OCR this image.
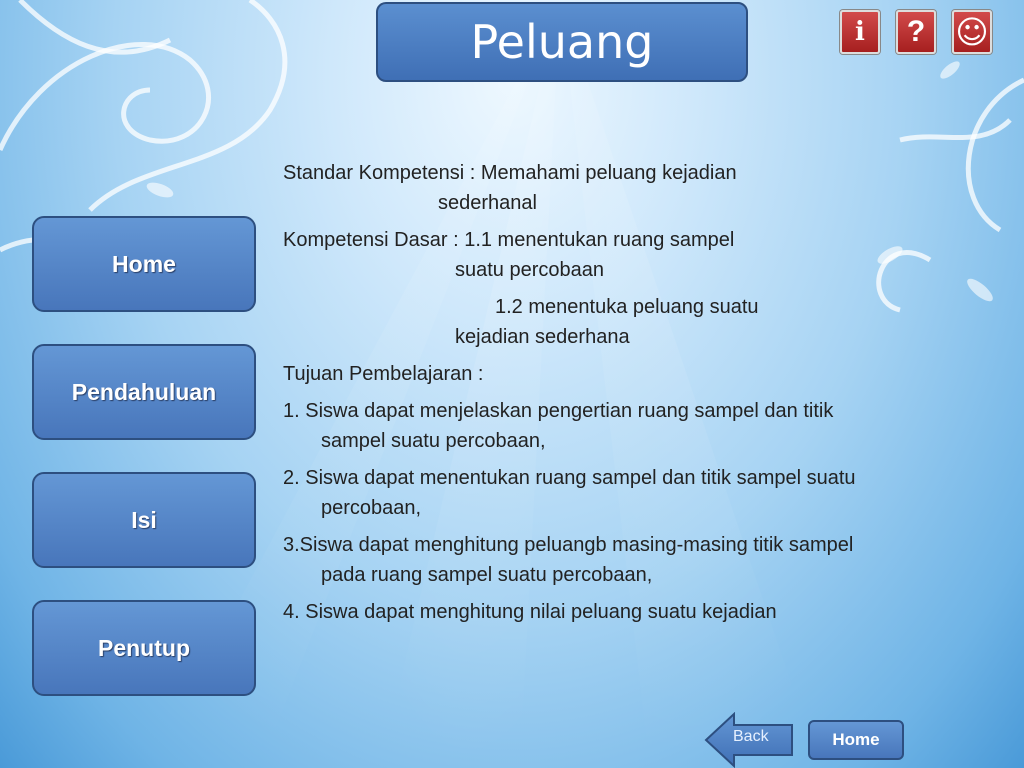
Peluang	i ? ☺
Home
Pendahuluan
Isi
Penutup

Standar Kompetensi : Memahami peluang kejadian

sederhanal

Kompetensi Dasar : 1.1 menentukan ruang sampel

suatu percobaan

1.2 menentuka peluang suatu

kejadian sederhana

Tujuan Pembelajaran :

1. Siswa dapat menjelaskan pengertian ruang sampel dan titik

sampel suatu percobaan,

2. Siswa dapat menentukan ruang sampel dan titik sampel suatu

percobaan,

3.Siswa dapat menghitung peluangb masing-masing titik sampel

pada ruang sampel suatu percobaan,

4. Siswa dapat menghitung nilai peluang suatu kejadian

Back	Home
